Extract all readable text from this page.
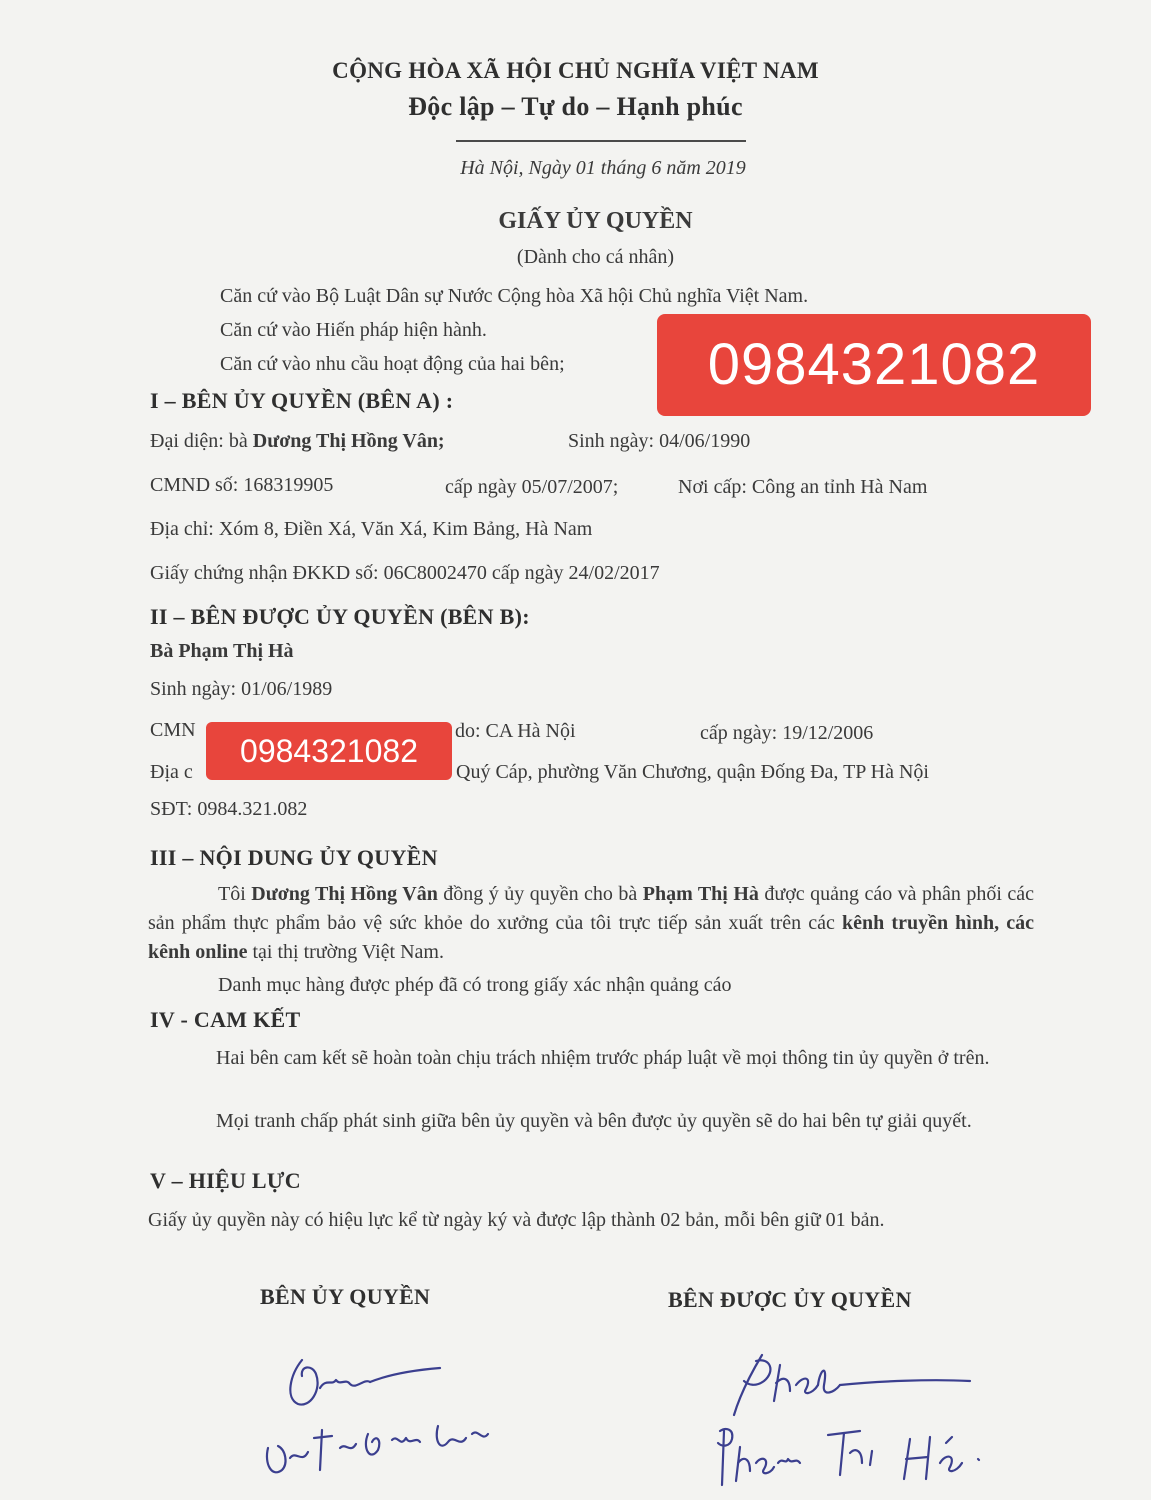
CỘNG HÒA XÃ HỘI CHỦ NGHĨA VIỆT NAM
Độc lập – Tự do – Hạnh phúc
Hà Nội, Ngày 01 tháng 6 năm 2019
GIẤY ỦY QUYỀN
(Dành cho cá nhân)
Căn cứ vào Bộ Luật Dân sự Nước Cộng hòa Xã hội Chủ nghĩa Việt Nam.
Căn cứ vào Hiến pháp hiện hành.
Căn cứ vào nhu cầu hoạt động của hai bên;
I – BÊN ỦY QUYỀN (BÊN A) :
Đại diện: bà Dương Thị Hồng Vân;	Sinh ngày: 04/06/1990
CMND số: 168319905	cấp ngày 05/07/2007;	Nơi cấp: Công an tỉnh Hà Nam
Địa chỉ: Xóm 8, Điền Xá, Văn Xá, Kim Bảng, Hà Nam
Giấy chứng nhận ĐKKD số: 06C8002470 cấp ngày 24/02/2017
II – BÊN ĐƯỢC ỦY QUYỀN (BÊN B):
Bà Phạm Thị Hà
Sinh ngày: 01/06/1989
CMN	do: CA Hà Nội	cấp ngày: 19/12/2006
Địa c	Quý Cáp, phường Văn Chương, quận Đống Đa, TP Hà Nội
SĐT: 0984.321.082
III – NỘI DUNG ỦY QUYỀN
Tôi Dương Thị Hồng Vân đồng ý ủy quyền cho bà Phạm Thị Hà được quảng cáo và phân phối các sản phẩm thực phẩm bảo vệ sức khỏe do xưởng của tôi trực tiếp sản xuất trên các kênh truyền hình, các kênh online tại thị trường Việt Nam.
Danh mục hàng được phép đã có trong giấy xác nhận quảng cáo
IV - CAM KẾT
Hai bên cam kết sẽ hoàn toàn chịu trách nhiệm trước pháp luật về mọi thông tin ủy quyền ở trên.
Mọi tranh chấp phát sinh giữa bên ủy quyền và bên được ủy quyền sẽ do hai bên tự giải quyết.
V – HIỆU LỰC
Giấy ủy quyền này có hiệu lực kể từ ngày ký và được lập thành 02 bản, mỗi bên giữ 01 bản.
BÊN ỦY QUYỀN	BÊN ĐƯỢC ỦY QUYỀN
0984321082
0984321082
